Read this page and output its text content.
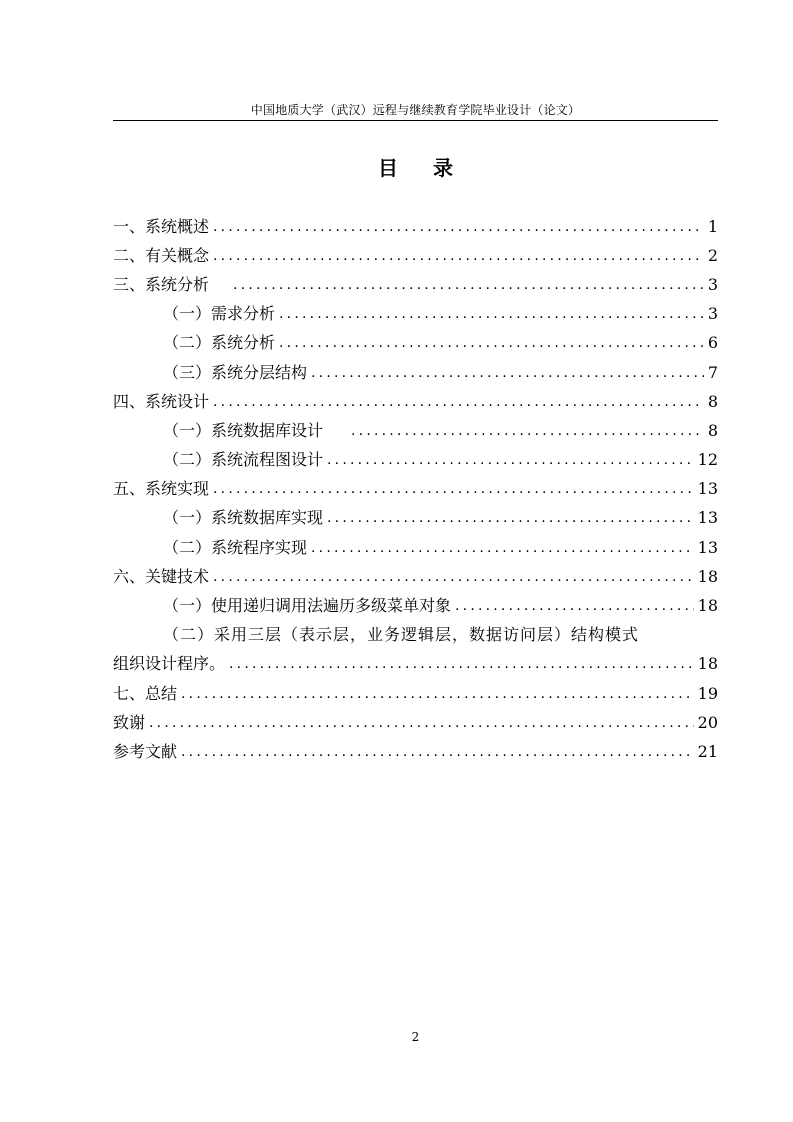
中国地质大学（武汉）远程与继续教育学院毕业设计（论文）
目 录
一、系统概述 .....	1
二、有关概念 .....	2
三、系统分析 .....	3
（一）需求分析 .....	3
（二）系统分析 .....	6
（三）系统分层结构 .....	7
四、系统设计 .....	8
（一）系统数据库设计 .....	8
（二）系统流程图设计 .....	12
五、系统实现 .....	13
（一）系统数据库实现 .....	13
（二）系统程序实现 .....	13
六、关键技术 .....	18
（一）使用递归调用法遍历多级菜单对象 .....	18
（二）采用三层（表示层，业务逻辑层，数据访问层）结构模式
组织设计程序。 .....	18
七、总结 .....	19
致谢 .....	20
参考文献 .....	21
2
